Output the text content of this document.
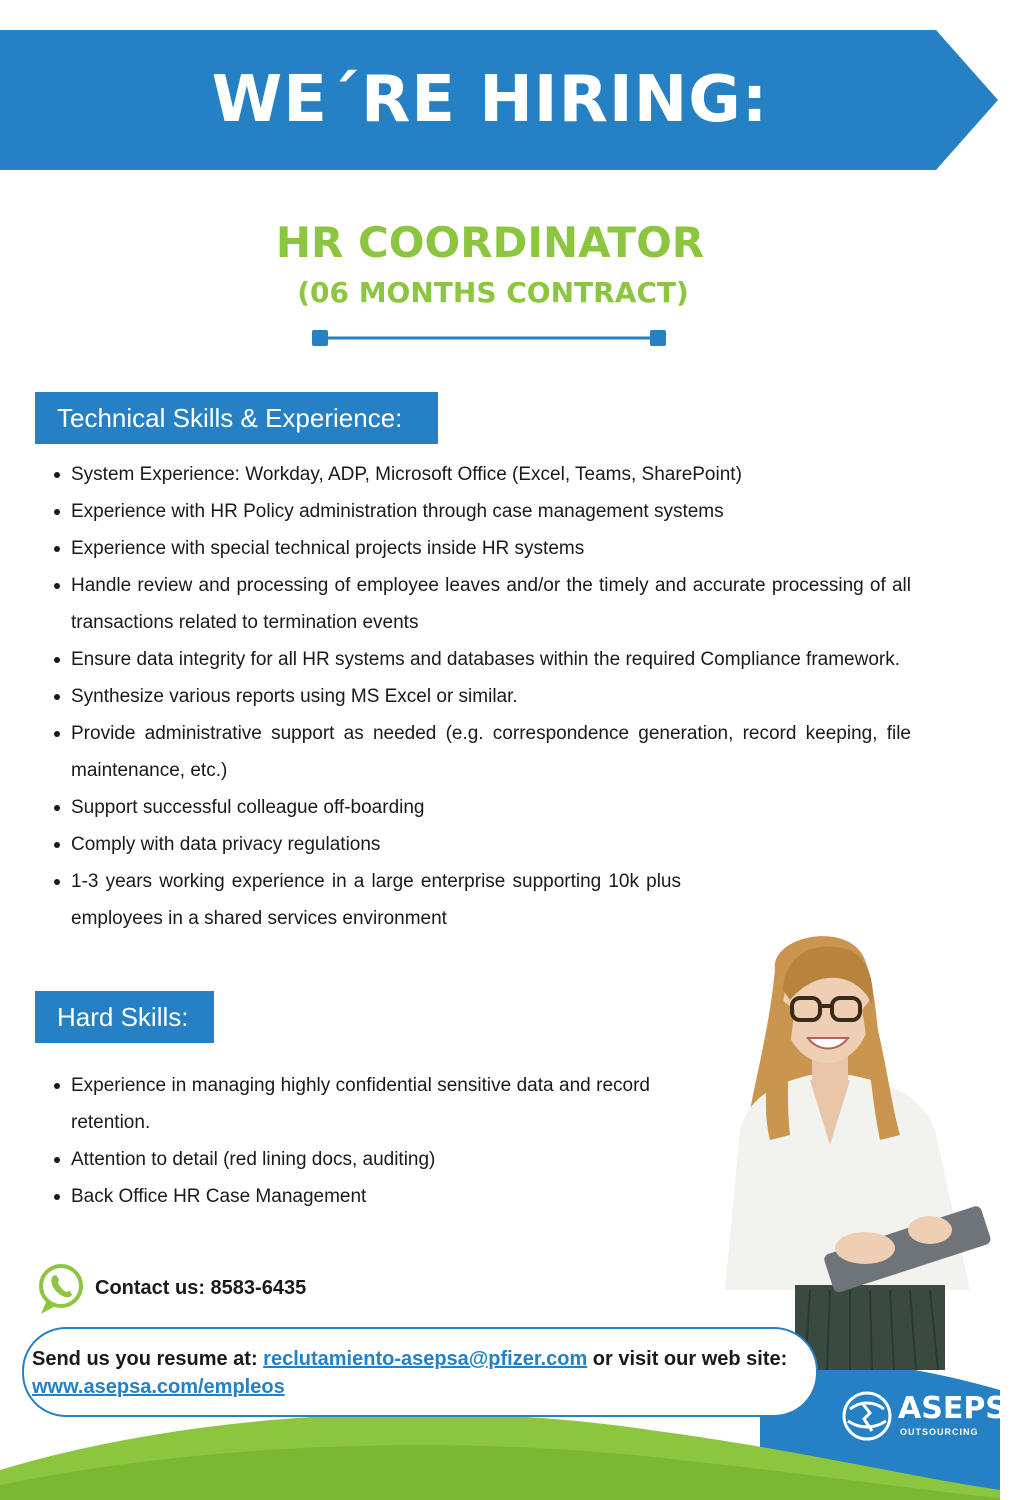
WE´RE HIRING:
HR COORDINATOR
(06 MONTHS CONTRACT)
Technical Skills & Experience:
System Experience: Workday, ADP, Microsoft Office (Excel, Teams, SharePoint)
Experience with HR Policy administration through case management systems
Experience with special technical projects inside HR systems
Handle review and processing of employee leaves and/or the timely and accurate processing of all transactions related to termination events
Ensure data integrity for all HR systems and databases within the required Compliance framework.
Synthesize various reports using MS Excel or similar.
Provide administrative support as needed (e.g. correspondence generation, record keeping, file maintenance, etc.)
Support successful colleague off-boarding
Comply with data privacy regulations
1-3 years working experience in a large enterprise supporting 10k plus employees in a shared services environment
Hard Skills:
Experience in managing highly confidential sensitive data and record retention.
Attention to detail (red lining docs, auditing)
Back Office HR Case Management
Contact us: 8583-6435
Send us you resume at: reclutamiento-asepsa@pfizer.com or visit our web site:
www.asepsa.com/empleos
ASEPSA
OUTSOURCING
